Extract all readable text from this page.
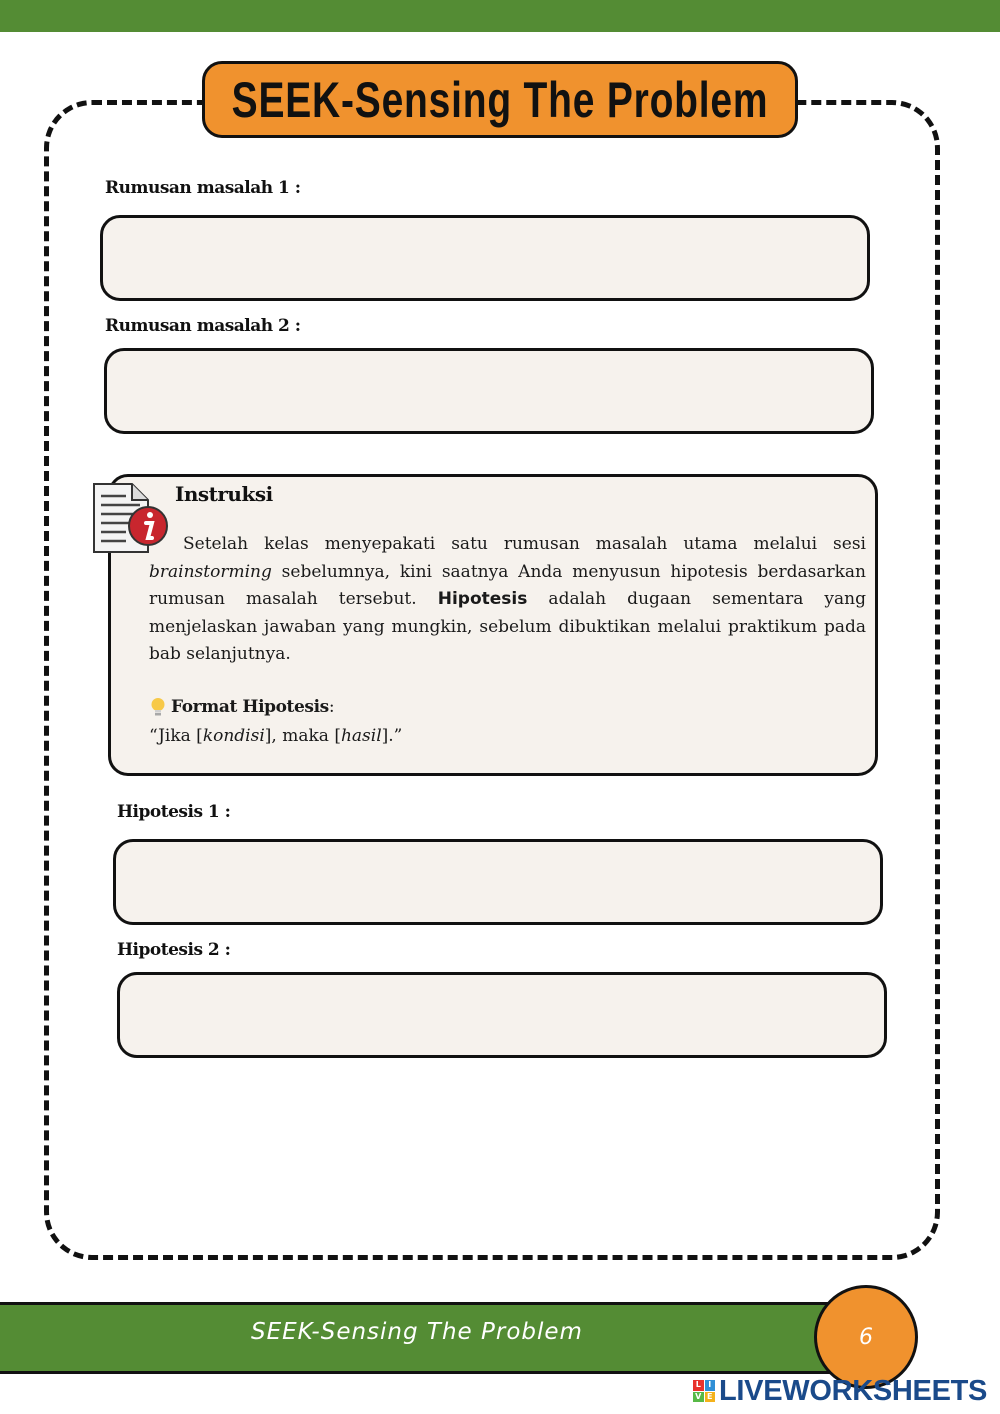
SEEK-Sensing The Problem
Rumusan masalah 1 :
Rumusan masalah 2 :
Instruksi

Setelah kelas menyepakati satu rumusan masalah utama melalui sesi brainstorming sebelumnya, kini saatnya Anda menyusun hipotesis berdasarkan rumusan masalah tersebut. Hipotesis adalah dugaan sementara yang menjelaskan jawaban yang mungkin, sebelum dibuktikan melalui praktikum pada bab selanjutnya.

Format Hipotesis:
“Jika [kondisi], maka [hasil].”
Hipotesis 1 :
Hipotesis 2 :
SEEK-Sensing The Problem	6
L I
V E LIVEWORKSHEETS
